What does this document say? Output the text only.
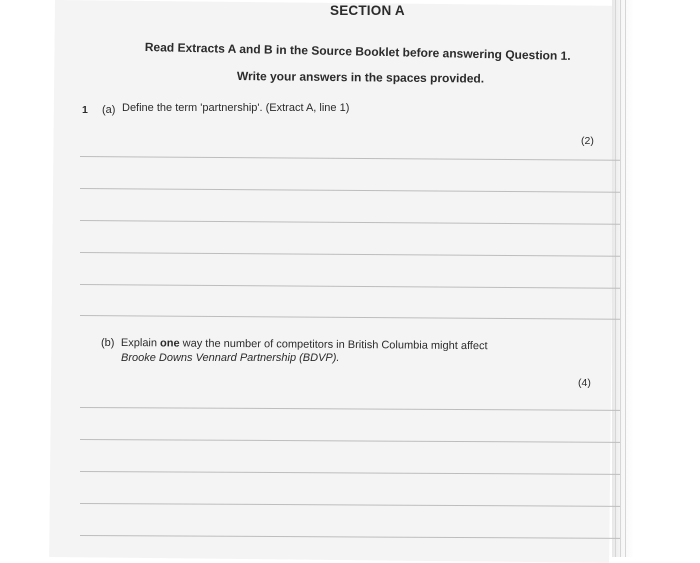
SECTION A
Read Extracts A and B in the Source Booklet before answering Question 1.
Write your answers in the spaces provided.
1 (a) Define the term 'partnership'. (Extract A, line 1)
(2)
(b) Explain one way the number of competitors in British Columbia might affect
Brooke Downs Vennard Partnership (BDVP).
(4)
